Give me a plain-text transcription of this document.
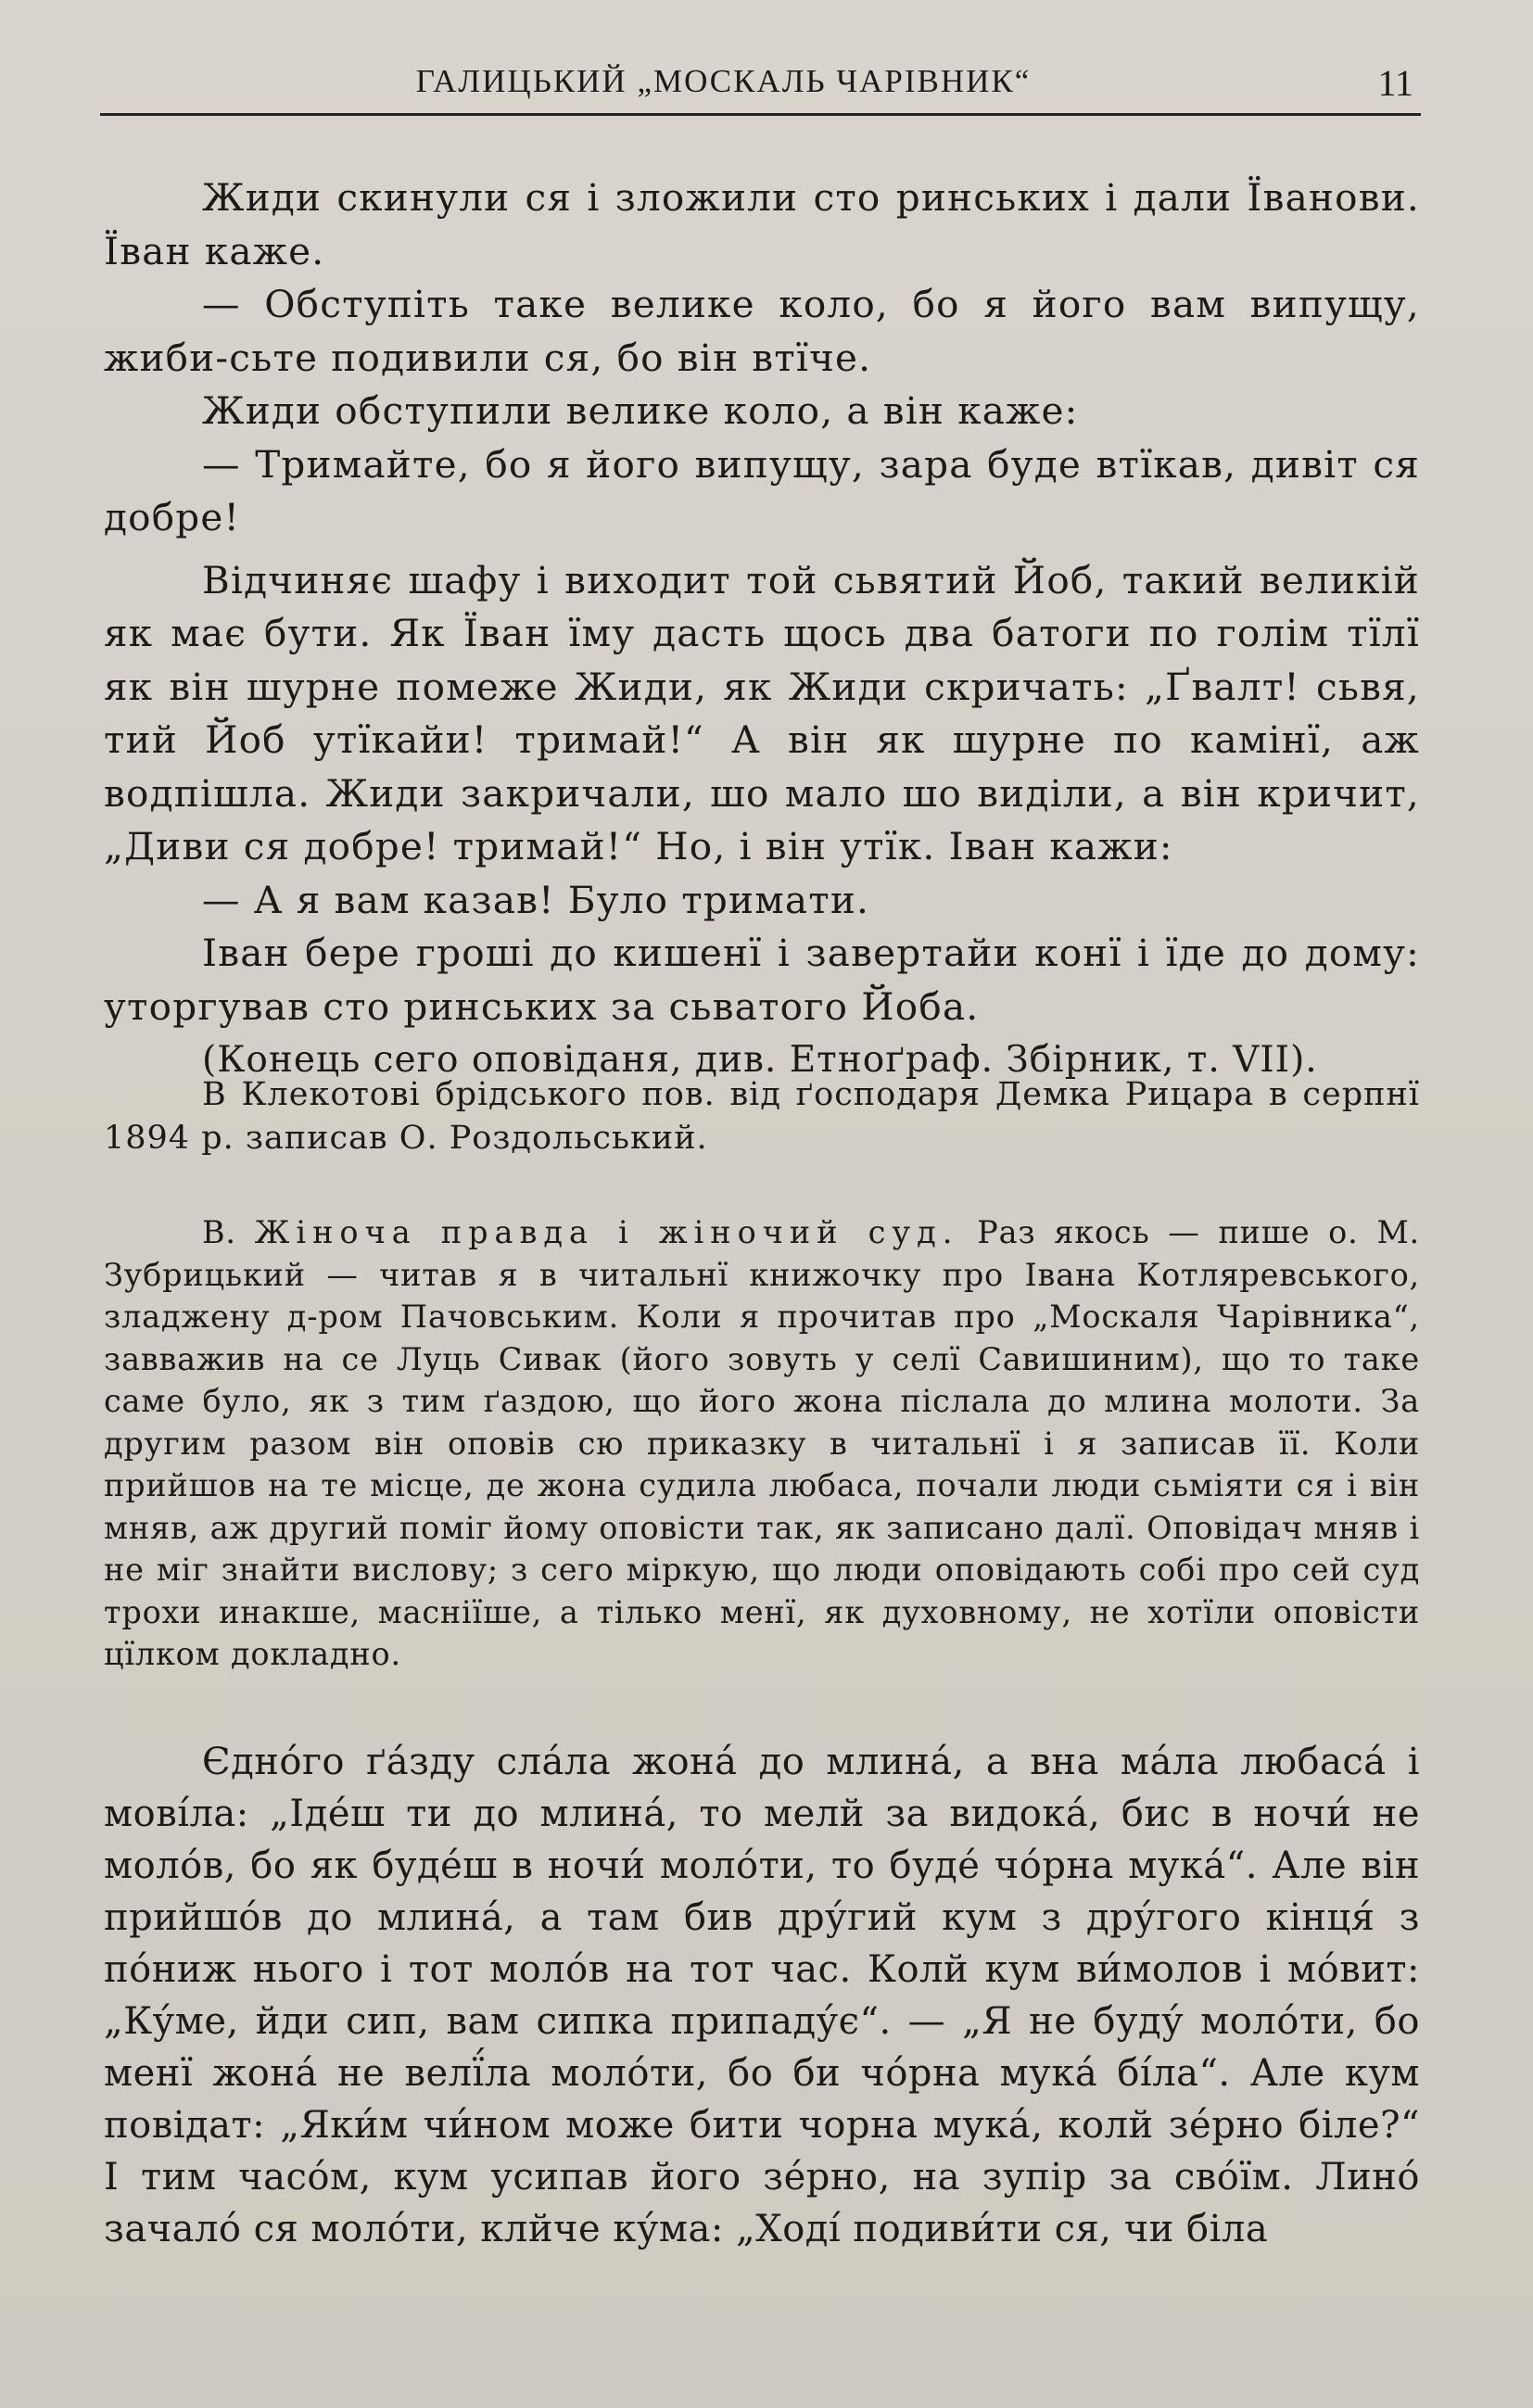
ГАЛИЦЬКИЙ „МОСКАЛЬ ЧАРІВНИК“	11

Жиди скинули ся і зложили сто ринських і дали Їванови. Їван каже.

— Обступіть таке велике коло, бо я його вам випущу, жиби-сьте подивили ся, бо він втїче.

Жиди обступили велике коло, а він каже:

— Тримайте, бо я його випущу, зара буде втїкав, дивіт ся добре!

Відчиняє шафу і виходит той сьвятий Йоб, такий великій як має бути. Як Їван їму дасть щось два батоги по голім тїлї як він шурне помеже Жиди, як Жиди скричать: „Ґвалт! сьвя, тий Йоб утїкайи! тримай!“ А він як шурне по камінї, аж водпішла. Жиди закричали, шо мало шо виділи, а він кричит, „Диви ся добре! тримай!“ Но, і він утїк. Іван кажи:

— А я вам казав! Було тримати.

Іван бере гроші до кишенї і завертайи конї і їде до дому: уторгував сто ринських за сьватого Йоба.

(Конець сего оповіданя, див. Етноґраф. Збірник, т. VII).

В Клекотові брідського пов. від ґосподаря Демка Рицара в серпнї 1894 р. записав О. Роздольський.

В. Жіноча правда і жіночий суд. Раз якось — пише о. М. Зубрицький — читав я в читальнї книжочку про Івана Котляревського, зладжену д-ром Пачовським. Коли я прочитав про „Москаля Чарівника“, завважив на се Луць Сивак (його зовуть у селї Савишиним), що то таке саме було, як з тим ґаздою, що його жона післала до млина молоти. За другим разом він оповів сю приказку в читальнї і я записав її. Коли прийшов на те місце, де жона судила любаса, почали люди сьміяти ся і він мняв, аж другий поміг йому оповісти так, як записано далї. Оповідач мняв і не міг знайти вислову; з сего міркую, що люди оповідають собі про сей суд трохи инакше, масніїше, а тілько менї, як духовному, не хотїли оповісти цїлком докладно.

Єдно́го ґа́зду сла́ла жона́ до млина́, а вна ма́ла любаса́ і мові́ла: „Іде́ш ти до млина́, то мелй за видока́, бис в ночи́ не моло́в, бо як буде́ш в ночи́ моло́ти, то буде́ чо́рна мука́“. Але він прийшо́в до млина́, а там бив дру́гий кум з дру́гого кінця́ з по́ниж нього і тот моло́в на тот час. Колй кум ви́молов і мо́вит: „Ку́ме, йди сип, вам сипка припаду́є“. — „Я не буду́ моло́ти, бо менї жона́ не велї́ла моло́ти, бо би чо́рна мука́ бі́ла“. Але кум повідат: „Яки́м чи́ном може бити чорна мука́, колй зе́рно біле?“ І тим часо́м, кум усипав його зе́рно, на зупір за сво́їм. Лино́ зачало́ ся моло́ти, клйче ку́ма: „Ході́ подиви́ти ся, чи біла
